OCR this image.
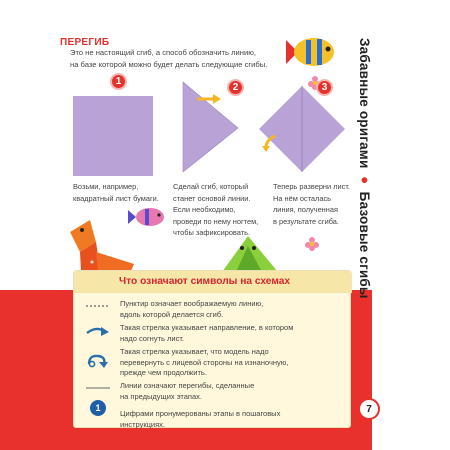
Забавные оригами●Базовые сгибы
ПЕРЕГИБ
Это не настоящий сгиб, а способ обозначить линию,
на базе которой можно будет делать следующие сгибы.
1
2	3
Возьми, например,
квадратный лист бумаги.
Сделай сгиб, который
станет основой линии.
Если необходимо,
проведи по нему ногтем,
чтобы зафиксировать.
Теперь разверни лист.
На нём осталась
линия, полученная
в результате сгиба.
Что означают символы на схемах
Пунктир означает воображаемую линию,
вдоль которой делается сгиб.
Такая стрелка указывает направление, в котором
надо согнуть лист.
Такая стрелка указывает, что модель надо
перевернуть с лицевой стороны на изнаночную,
прежде чем продолжить.
Линии означают перегибы, сделанные
на предыдущих этапах.
1
Цифрами пронумерованы этапы в пошаговых
инструкциях.
7
